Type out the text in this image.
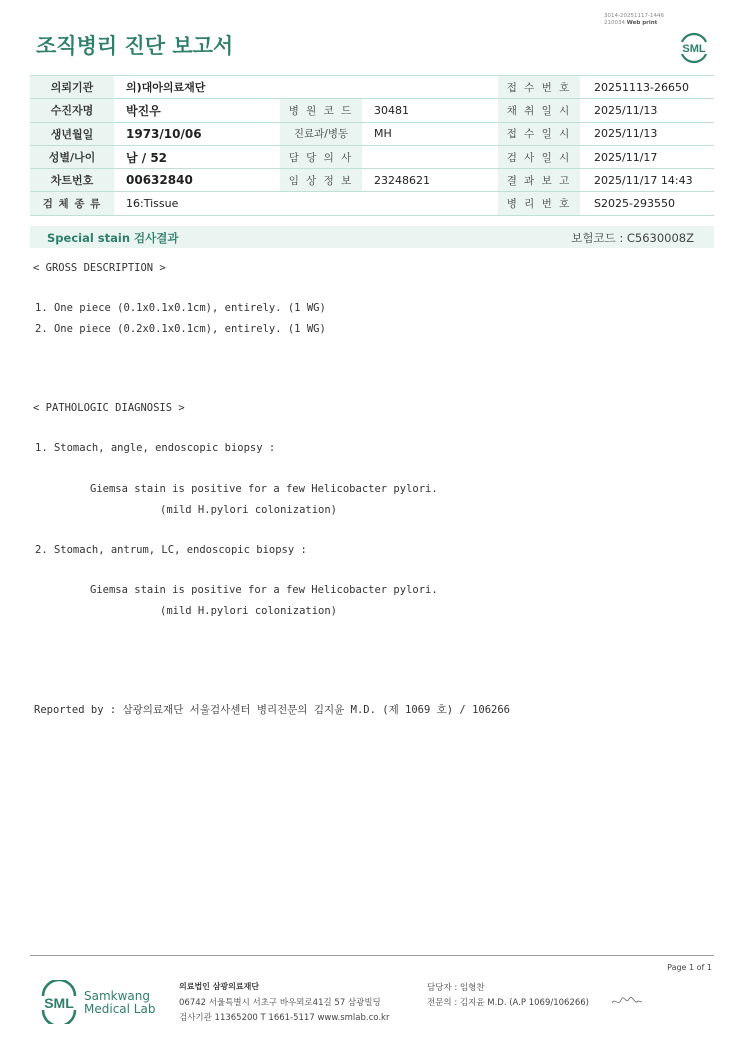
조직병리 진단 보고서
3014-20251117-1446
210034 Web print
SML
의뢰기관	의)대아의료재단			접 수 번 호	20251113-26650
수진자명	박진우	병 원 코 드	30481	채 취 일 시	2025/11/13
생년월일	1973/10/06	진료과/병동	MH	접 수 일 시	2025/11/13
성별/나이	남 / 52	담 당 의 사		검 사 일 시	2025/11/17
차트번호	00632840	임 상 정 보	23248621	결 과 보 고	2025/11/17 14:43
검 체 종 류	16:Tissue			병 리 번 호	S2025-293550
Special stain 검사결과	보험코드 : C5630008Z
< GROSS DESCRIPTION >
1. One piece (0.1x0.1x0.1cm), entirely. (1 WG)
2. One piece (0.2x0.1x0.1cm), entirely. (1 WG)
< PATHOLOGIC DIAGNOSIS >
1. Stomach, angle, endoscopic biopsy :
Giemsa stain is positive for a few Helicobacter pylori.
(mild H.pylori colonization)
2. Stomach, antrum, LC, endoscopic biopsy :
Giemsa stain is positive for a few Helicobacter pylori.
(mild H.pylori colonization)
Reported by : 삼광의료재단 서울검사센터 병리전문의 김지윤 M.D. (제 1069 호) / 106266
Page 1 of 1
SML Samkwang
Medical Lab
의료법인 삼광의료재단
06742 서울특별시 서초구 바우뫼로41길 57 삼광빌딩
검사기관 11365200 T 1661-5117 www.smlab.co.kr
담당자 : 임형찬
전문의 : 김지윤 M.D. (A.P 1069/106266)
